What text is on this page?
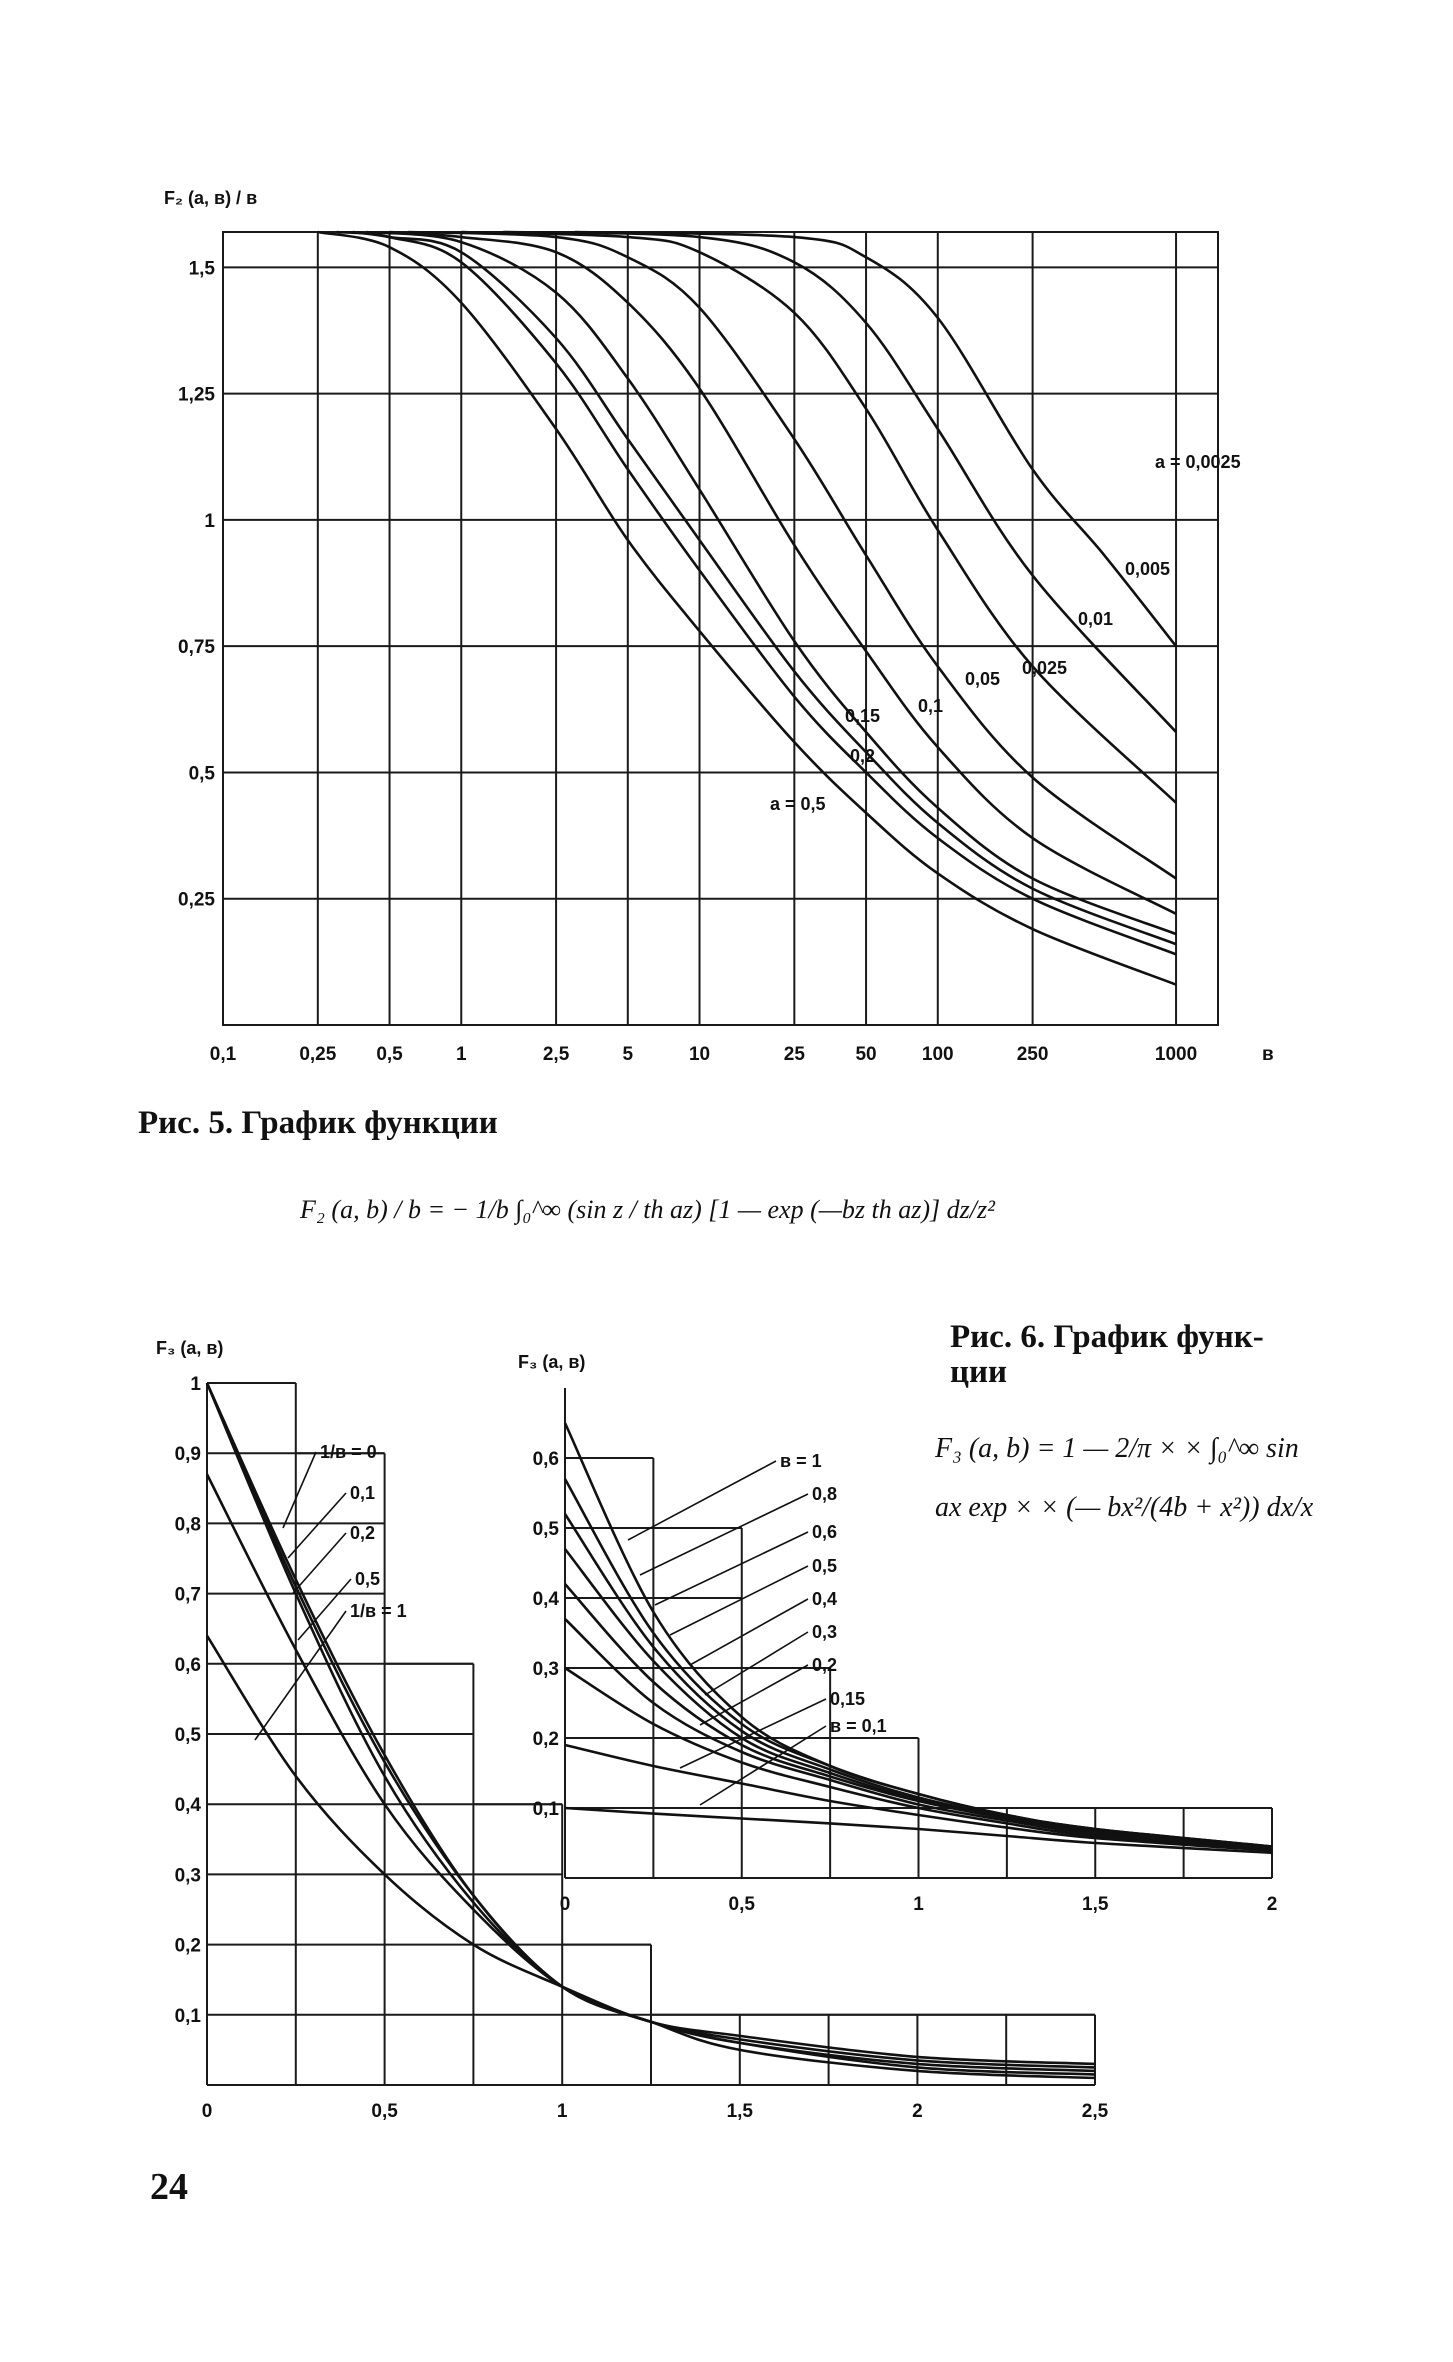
F₂ (a, в) / в
a = 0,5
0,2
0,15 0,1
0,05
0,025
0,01
0,005
a = 0,0025
0,1	0,25 0,5	1	2,5	5	10	25	50 100	250	1000
0,25
0,5
0,75
1
1,25
1,5
в
Рис. 5. График функции
F₂ (a, b) / b = − 1/b ∫₀^∞ (sin z / th az) [1 — exp (—bz th az)] dz/z²
F₃ (a, в)
F₃ (a, в)
1/в = 0
0,1
0,2
0,5
1/в = 1
0	0,5	1	1,5	2	2,5
0,1
0,2
0,3
0,4
0,5
0,6
0,7
0,8
0,9
1
в = 1
0,8
0,6
0,5
0,4
0,3
0,2
0,15
в = 0,1
0	0,5	1	1,5	2
0,1
0,2
0,3
0,4
0,5
0,6
Рис. 6. График функ-
ции
F₃ (a, b) = 1 — 2/π × × ∫₀^∞ sin ax exp × × (— bx²/(4b + x²)) dx/x
24
